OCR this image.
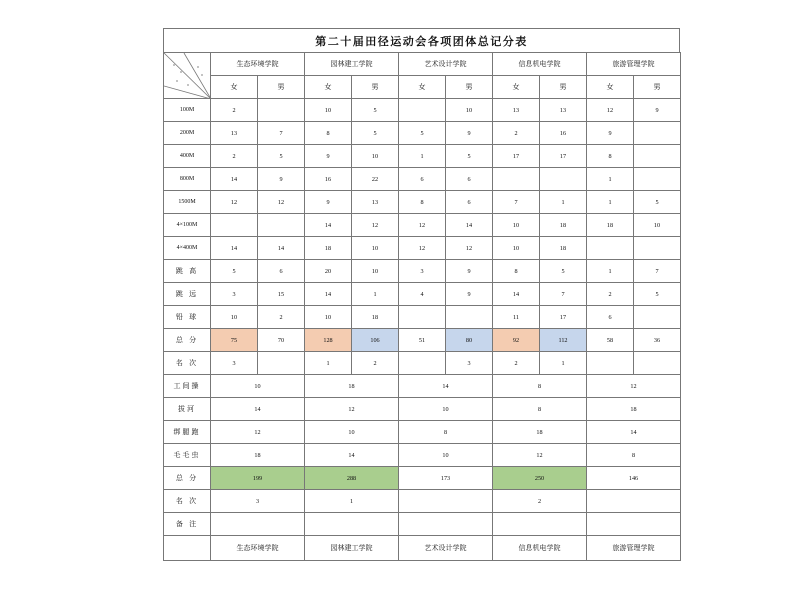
第二十届田径运动会各项团体总记分表
	生态环境学院		园林建工学院		艺术设计学院		信息机电学院		旅游管理学院	
	女	男	女	男	女	男	女	男	女	男
100M	2		10	5		10	13	13	12	9
200M	13	7	8	5	5	9	2	16	9	
400M	2	5	9	10	1	5	17	17	8	
800M	14	9	16	22	6	6			1	
1500M	12	12	9	13	8	6	7	1	1	5
4×100M			14	12	12	14	10	18	18	10
4×400M	14	14	18	10	12	12	10	18		
跳 高	5	6	20	10	3	9	8	5	1	7
跳 远	3	15	14	1	4	9	14	7	2	5
铅 球	10	2	10	18			11	17	6	
总 分	75	70	128	106	51	80	92	112	58	36
名 次	3		1	2		3	2	1		
工间操	10		18		14		8		12	
拔河	14		12		10		8		18	
绑腿跑	12		10		8		18		14	
毛毛虫	18		14		10		12		8	
总 分	199		288		173		250		146	
名 次	3		1				2			
备 注										
	生态环境学院		园林建工学院		艺术设计学院		信息机电学院		旅游管理学院	
